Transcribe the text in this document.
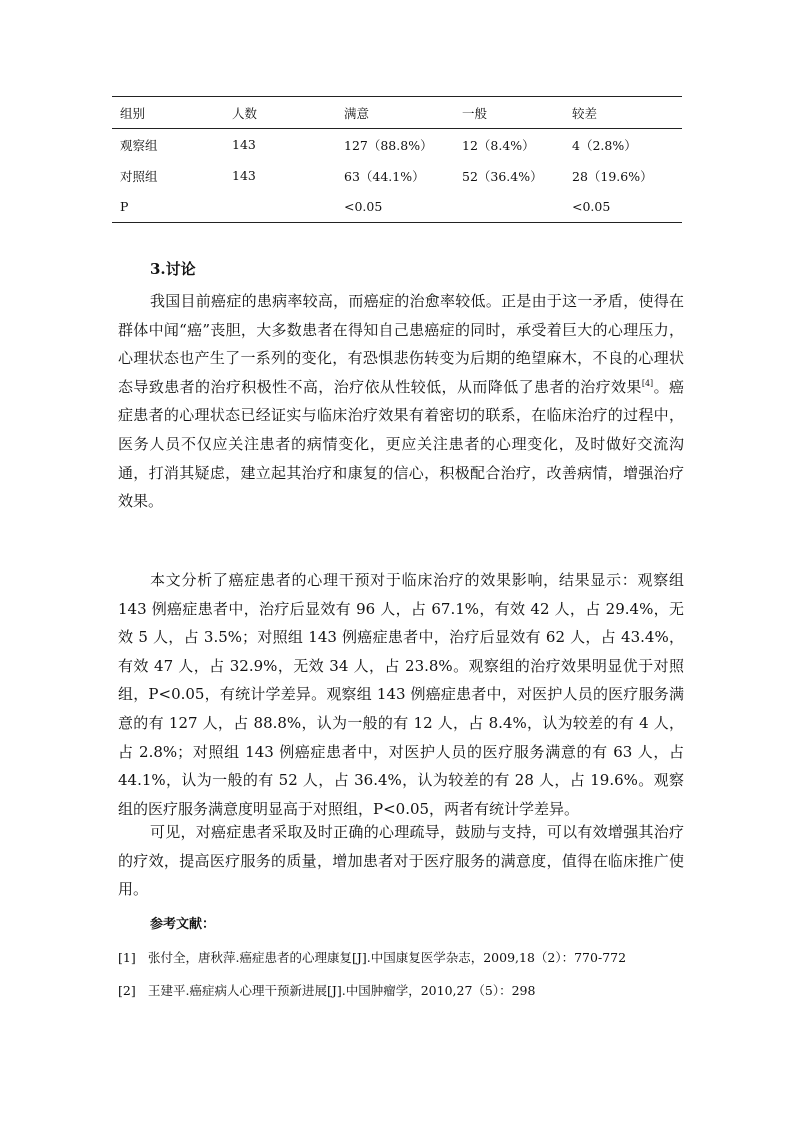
组别	人数	满意	一般	较差
观察组	143	127（88.8%）	12（8.4%）	4（2.8%）
对照组	143	63（44.1%）	52（36.4%）	28（19.6%）
P		<0.05		<0.05
3.讨论

我国目前癌症的患病率较高，而癌症的治愈率较低。正是由于这一矛盾，使得在群体中闻“癌”丧胆，大多数患者在得知自己患癌症的同时，承受着巨大的心理压力，心理状态也产生了一系列的变化，有恐惧悲伤转变为后期的绝望麻木，不良的心理状态导致患者的治疗积极性不高，治疗依从性较低，从而降低了患者的治疗效果[4]。癌症患者的心理状态已经证实与临床治疗效果有着密切的联系，在临床治疗的过程中，医务人员不仅应关注患者的病情变化，更应关注患者的心理变化，及时做好交流沟通，打消其疑虑，建立起其治疗和康复的信心，积极配合治疗，改善病情，增强治疗效果。

本文分析了癌症患者的心理干预对于临床治疗的效果影响，结果显示：观察组 143 例癌症患者中，治疗后显效有 96 人，占 67.1%，有效 42 人，占 29.4%，无效 5 人，占 3.5%；对照组 143 例癌症患者中，治疗后显效有 62 人，占 43.4%，有效 47 人，占 32.9%，无效 34 人，占 23.8%。观察组的治疗效果明显优于对照组，P<0.05，有统计学差异。观察组 143 例癌症患者中，对医护人员的医疗服务满意的有 127 人，占 88.8%，认为一般的有 12 人，占 8.4%，认为较差的有 4 人，占 2.8%；对照组 143 例癌症患者中，对医护人员的医疗服务满意的有 63 人，占 44.1%，认为一般的有 52 人，占 36.4%，认为较差的有 28 人，占 19.6%。观察组的医疗服务满意度明显高于对照组，P<0.05，两者有统计学差异。

可见，对癌症患者采取及时正确的心理疏导，鼓励与支持，可以有效增强其治疗的疗效，提高医疗服务的质量，增加患者对于医疗服务的满意度，值得在临床推广使用。

参考文献：
[1] 张付全，唐秋萍.癌症患者的心理康复[J].中国康复医学杂志，2009,18（2）：770-772
[2] 王建平.癌症病人心理干预新进展[J].中国肿瘤学，2010,27（5）：298
